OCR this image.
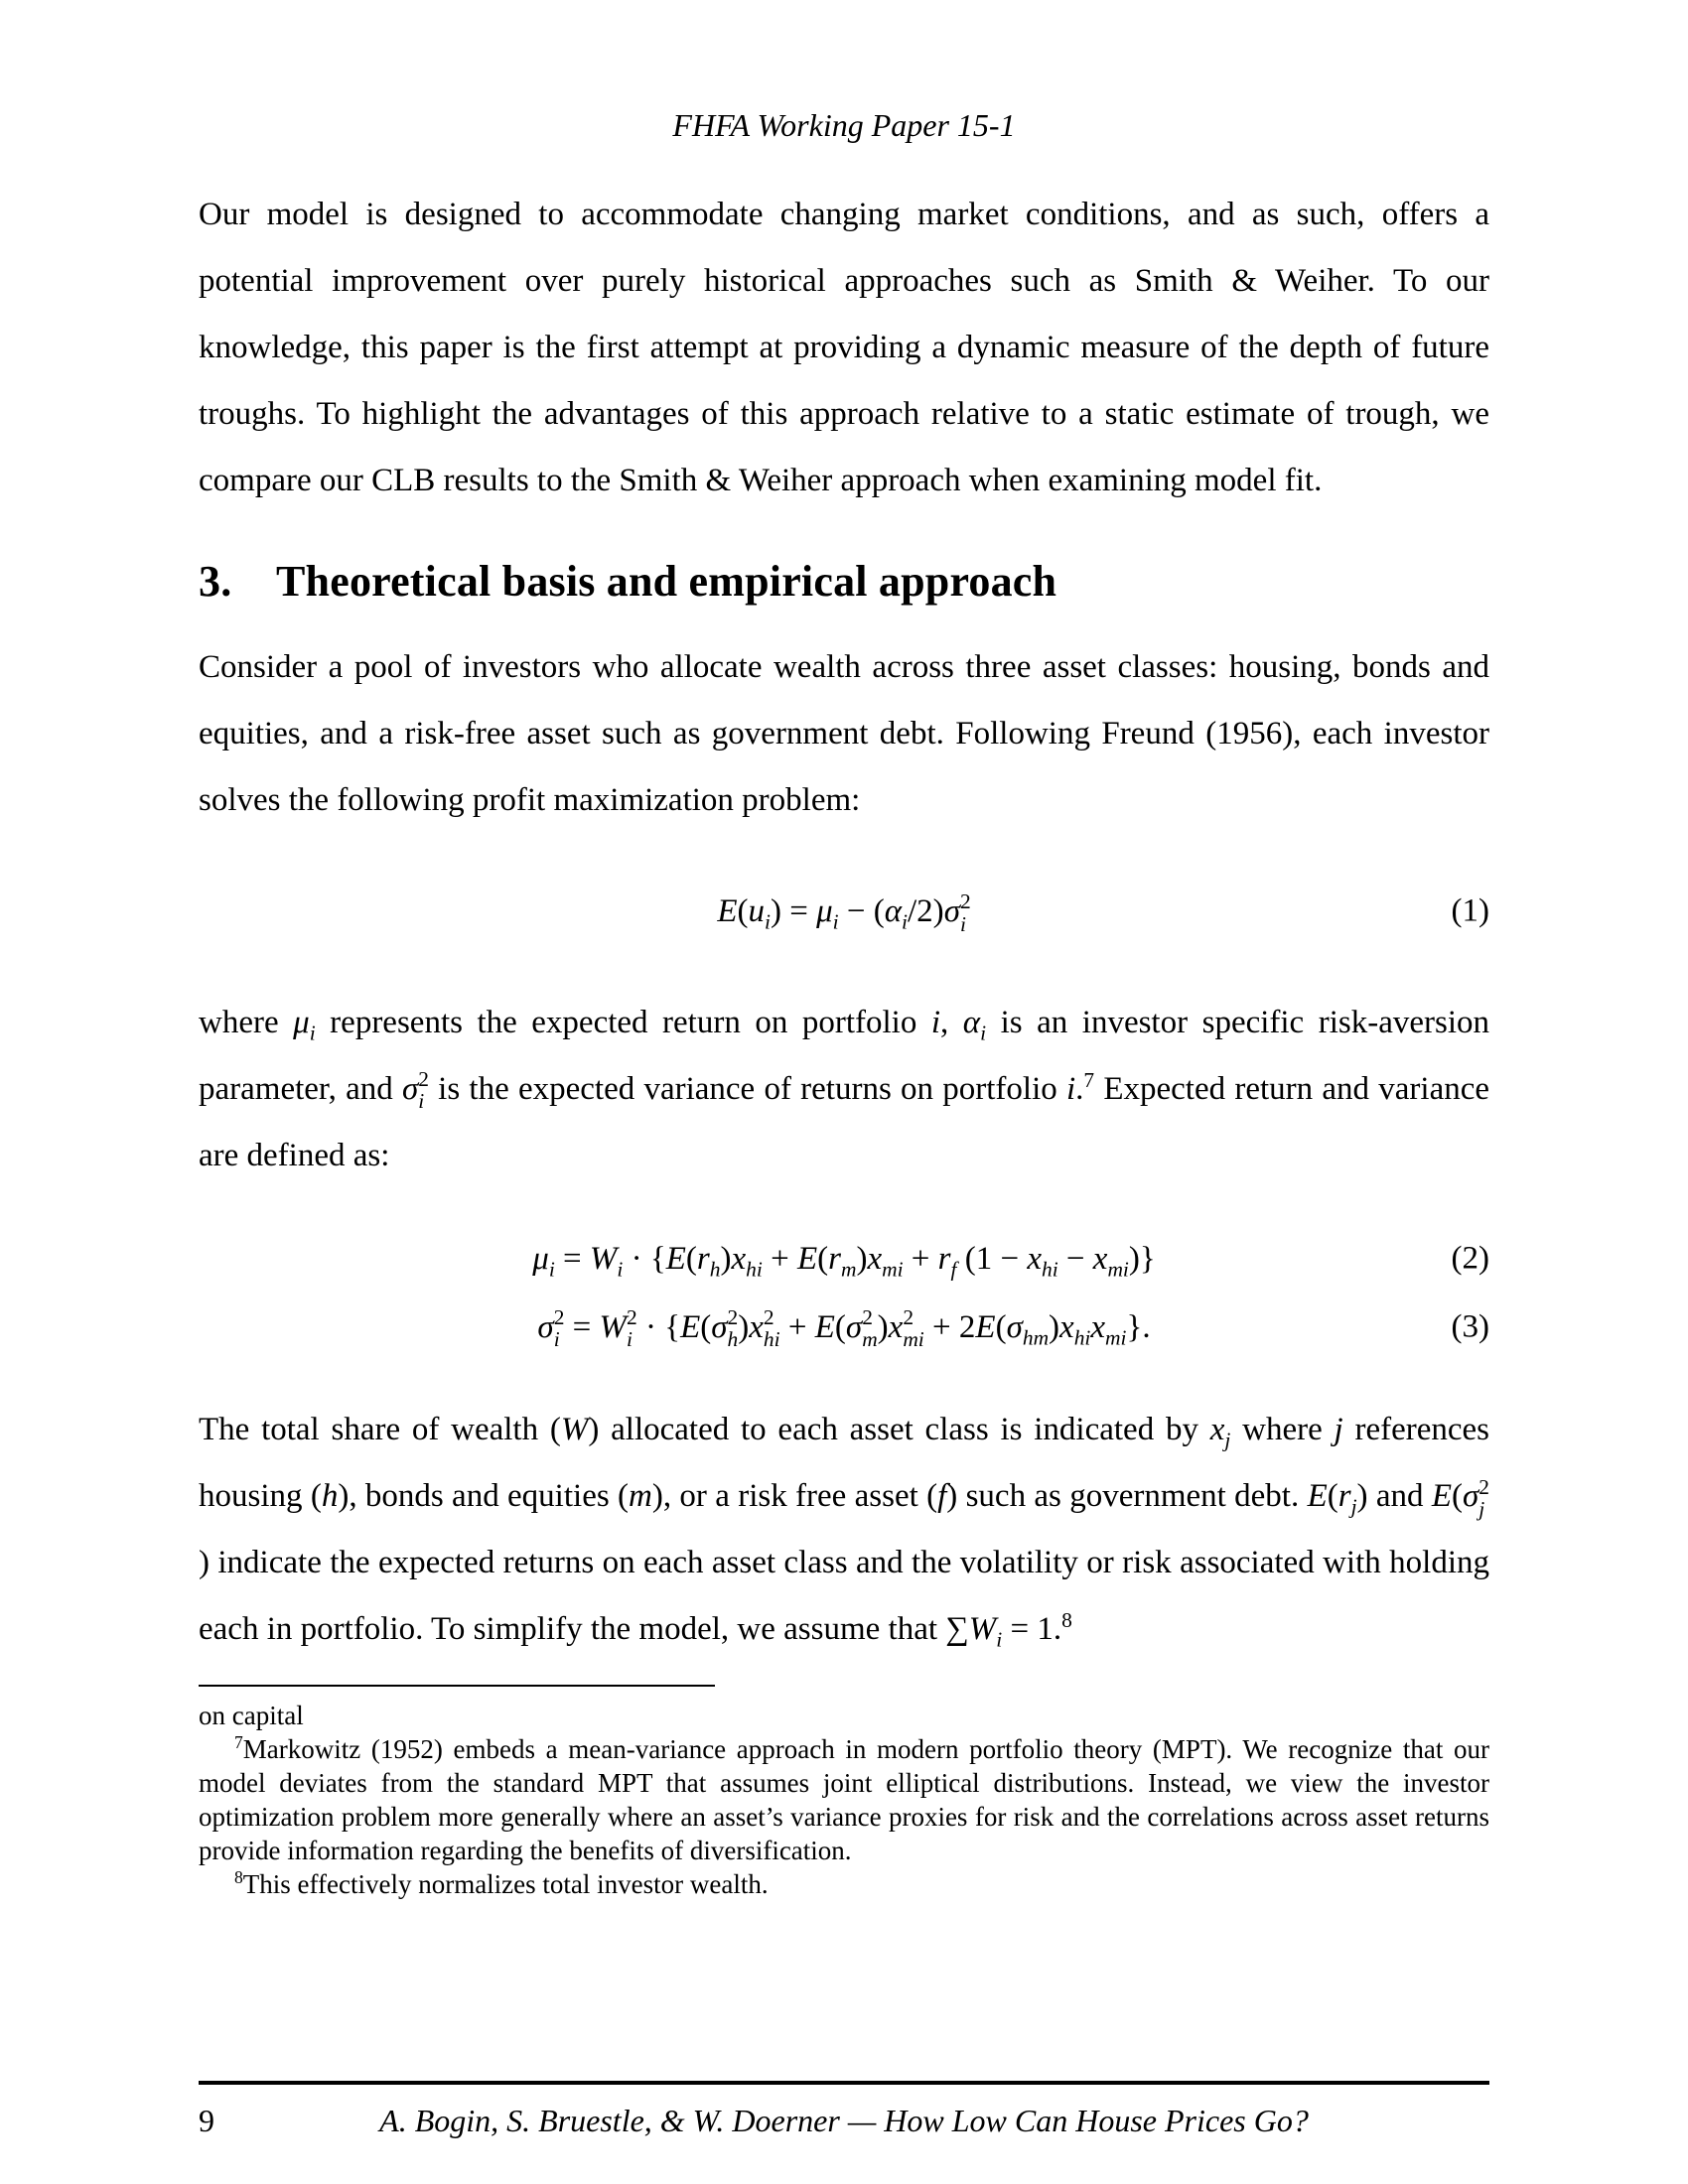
FHFA Working Paper 15-1

Our model is designed to accommodate changing market conditions, and as such, offers a potential improvement over purely historical approaches such as Smith & Weiher. To our knowledge, this paper is the first attempt at providing a dynamic measure of the depth of future troughs. To highlight the advantages of this approach relative to a static estimate of trough, we compare our CLB results to the Smith & Weiher approach when examining model fit.

3. Theoretical basis and empirical approach

Consider a pool of investors who allocate wealth across three asset classes: housing, bonds and equities, and a risk-free asset such as government debt. Following Freund (1956), each investor solves the following profit maximization problem:

$E(u_i) = \mu_i - (\alpha_i/2)\sigma$ 2
i	(1)

where $\mu_i$ represents the expected return on portfolio i, $\alpha_i$ is an investor specific risk-aversion parameter, and σ 2
i is the expected variance of returns on portfolio i.$^7$ Expected return and variance are defined as:

$\mu_i = W_i \cdot \{E(r_h)x_{hi} + E(r_m)x_{mi} + r_f$ $(1 - x_{hi} - x_{mi})$}	(2)
σ 2
i = W 2
i · {E(σ 2
h )x 2
hi + E(σ 2
m )x 2
mi + $2E(\sigma_{hm})x_{hi}x_{mi}$}.	(3)

The total share of wealth (W) allocated to each asset class is indicated by $x_j$ where j references housing (h), bonds and equities (m), or a risk free asset (f) such as government debt. $E(r_j)$ and E(σ 2
j
) indicate the expected returns on each asset class and the volatility or risk associated with holding each in portfolio. To simplify the model, we assume that $\sum W_i = 1.^8$

on capital

$^7$Markowitz (1952) embeds a mean-variance approach in modern portfolio theory (MPT). We recognize that our model deviates from the standard MPT that assumes joint elliptical distributions. Instead, we view the investor optimization problem more generally where an asset’s variance proxies for risk and the correlations across asset returns provide information regarding the benefits of diversification.

$^8$This effectively normalizes total investor wealth.

9	A. Bogin, S. Bruestle, & W. Doerner — How Low Can House Prices Go?
